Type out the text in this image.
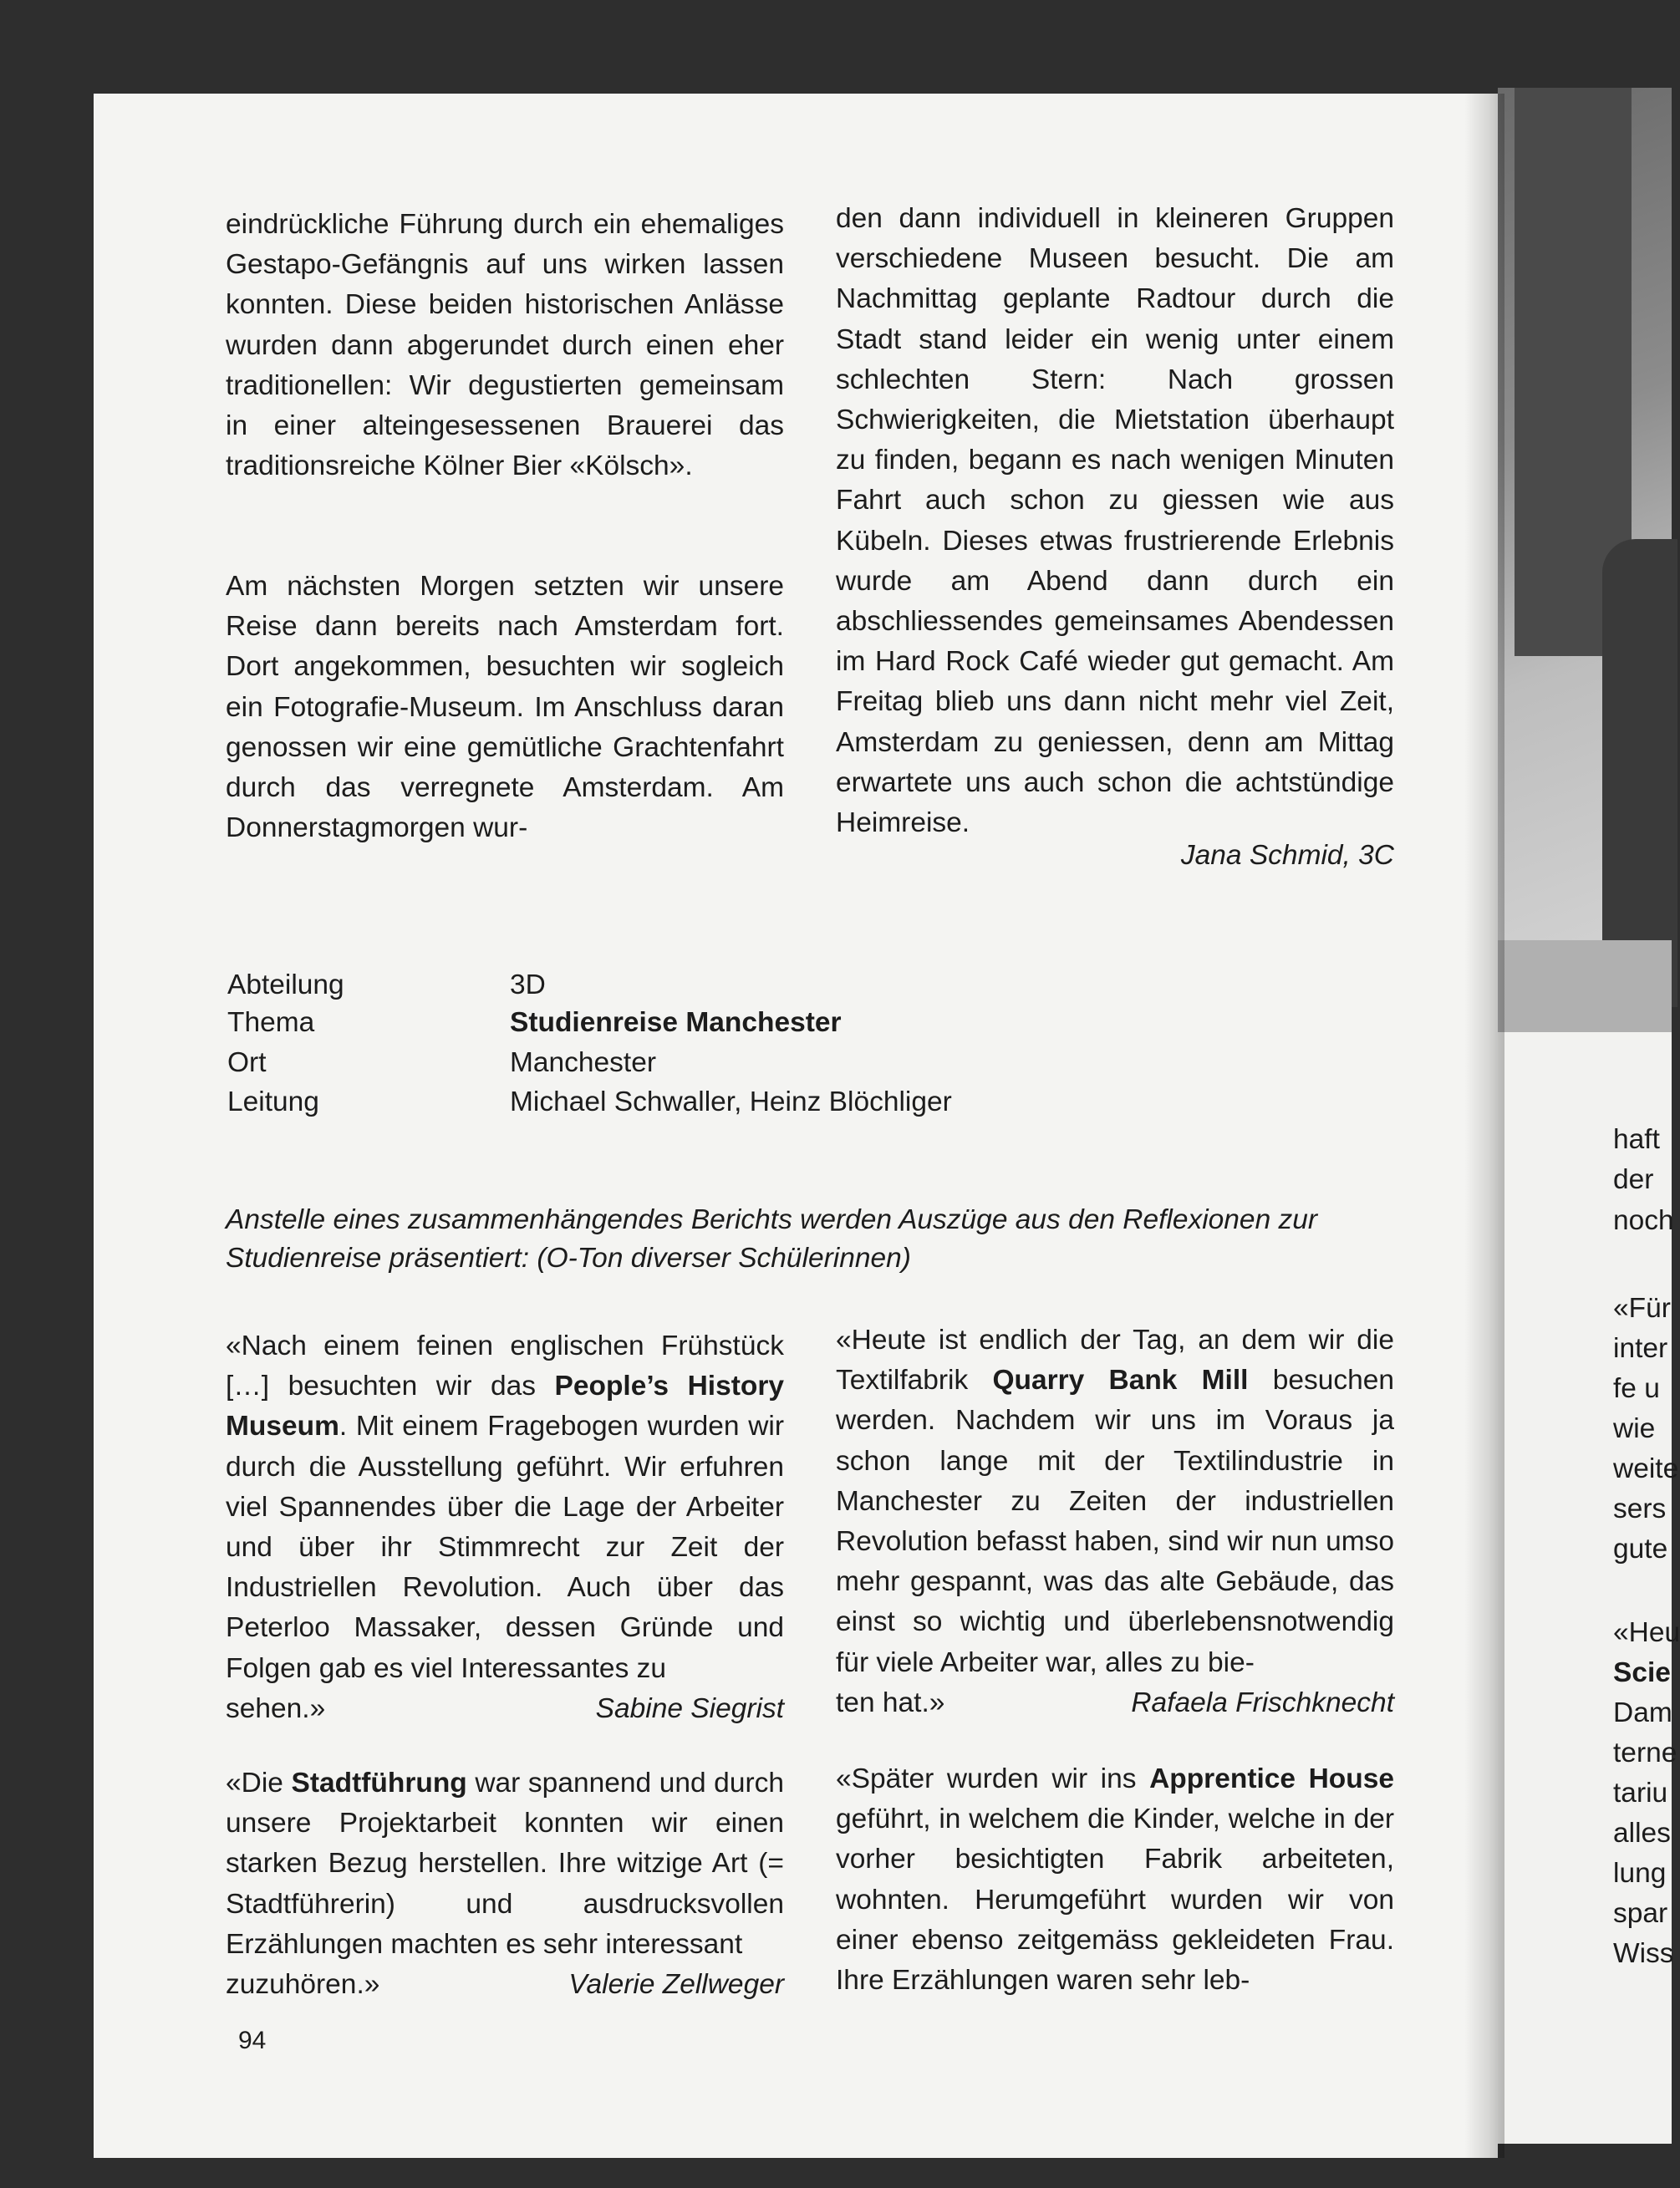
eindrückliche Führung durch ein ehemaliges Gestapo-Gefängnis auf uns wirken lassen konnten. Diese beiden historischen Anlässe wurden dann abgerundet durch einen eher traditionellen: Wir degustierten gemeinsam in einer alteingesessenen Brauerei das traditionsreiche Kölner Bier «Kölsch».

Am nächsten Morgen setzten wir unsere Reise dann bereits nach Amsterdam fort. Dort angekommen, besuchten wir sogleich ein Fotografie-Museum. Im Anschluss daran genossen wir eine gemütliche Grachtenfahrt durch das verregnete Amsterdam. Am Donnerstagmorgen wur-

den dann individuell in kleineren Gruppen verschiedene Museen besucht. Die am Nachmittag geplante Radtour durch die Stadt stand leider ein wenig unter einem schlechten Stern: Nach grossen Schwierigkeiten, die Mietstation überhaupt zu finden, begann es nach wenigen Minuten Fahrt auch schon zu giessen wie aus Kübeln. Dieses etwas frustrierende Erlebnis wurde am Abend dann durch ein abschliessendes gemeinsames Abendessen im Hard Rock Café wieder gut gemacht. Am Freitag blieb uns dann nicht mehr viel Zeit, Amsterdam zu geniessen, denn am Mittag erwartete uns auch schon die achtstündige Heimreise.

Jana Schmid, 3C
Abteilung	3D
Thema	Studienreise Manchester
Ort	Manchester
Leitung	Michael Schwaller, Heinz Blöchliger

Anstelle eines zusammenhängendes Berichts werden Auszüge aus den Reflexionen zur Studienreise präsentiert: (O-Ton diverser Schülerinnen)

«Nach einem feinen englischen Frühstück […] besuchten wir das People’s History Museum. Mit einem Fragebogen wurden wir durch die Ausstellung geführt. Wir erfuhren viel Spannendes über die Lage der Arbeiter und über ihr Stimmrecht zur Zeit der Industriellen Revolution. Auch über das Peterloo Massaker, dessen Gründe und Folgen gab es viel Interessantes zu
sehen.»	Sabine Siegrist
«Die Stadtführung war spannend und durch unsere Projektarbeit konnten wir einen starken Bezug herstellen. Ihre witzige Art (= Stadtführerin) und ausdrucksvollen Erzählungen machten es sehr interessant
zuzuhören.»	Valerie Zellweger
«Heute ist endlich der Tag, an dem wir die Textilfabrik Quarry Bank Mill besuchen werden. Nachdem wir uns im Voraus ja schon lange mit der Textilindustrie in Manchester zu Zeiten der industriellen Revolution befasst haben, sind wir nun umso mehr gespannt, was das alte Gebäude, das einst so wichtig und überlebensnotwendig für viele Arbeiter war, alles zu bie-
ten hat.»	Rafaela Frischknecht
«Später wurden wir ins Apprentice House geführt, in welchem die Kinder, welche in der vorher besichtigten Fabrik arbeiteten, wohnten. Herumgeführt wurden wir von einer ebenso zeitgemäss gekleideten Frau. Ihre Erzählungen waren sehr leb-
haft
der
noch
«Für
inter
fe u
wie
weite
sers
gute
«Heu
Scie
Dam
terne
tariu
alles
lung
spar
Wiss
94
